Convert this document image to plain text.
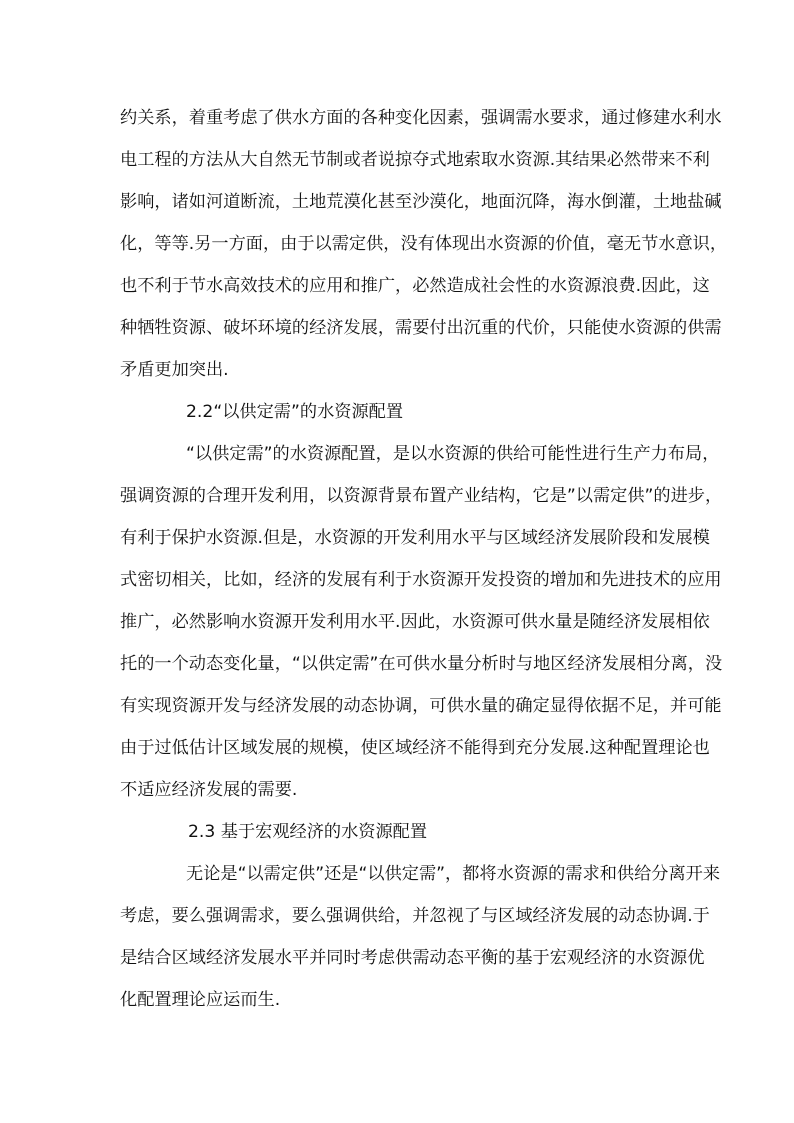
约关系，着重考虑了供水方面的各种变化因素，强调需水要求，通过修建水利水
电工程的方法从大自然无节制或者说掠夺式地索取水资源.其结果必然带来不利
影响，诸如河道断流，土地荒漠化甚至沙漠化，地面沉降，海水倒灌，土地盐碱
化，等等.另一方面，由于以需定供，没有体现出水资源的价值，毫无节水意识，
也不利于节水高效技术的应用和推广，必然造成社会性的水资源浪费.因此，这
种牺牲资源、破坏环境的经济发展，需要付出沉重的代价，只能使水资源的供需
矛盾更加突出.
2.2“以供定需”的水资源配置
“以供定需”的水资源配置，是以水资源的供给可能性进行生产力布局，
强调资源的合理开发利用，以资源背景布置产业结构，它是”以需定供”的进步，
有利于保护水资源.但是，水资源的开发利用水平与区域经济发展阶段和发展模
式密切相关，比如，经济的发展有利于水资源开发投资的增加和先进技术的应用
推广，必然影响水资源开发利用水平.因此，水资源可供水量是随经济发展相依
托的一个动态变化量，“以供定需”在可供水量分析时与地区经济发展相分离，没
有实现资源开发与经济发展的动态协调，可供水量的确定显得依据不足，并可能
由于过低估计区域发展的规模，使区域经济不能得到充分发展.这种配置理论也
不适应经济发展的需要.
2.3 基于宏观经济的水资源配置
无论是“以需定供”还是“以供定需”，都将水资源的需求和供给分离开来
考虑，要么强调需求，要么强调供给，并忽视了与区域经济发展的动态协调.于
是结合区域经济发展水平并同时考虑供需动态平衡的基于宏观经济的水资源优
化配置理论应运而生.
